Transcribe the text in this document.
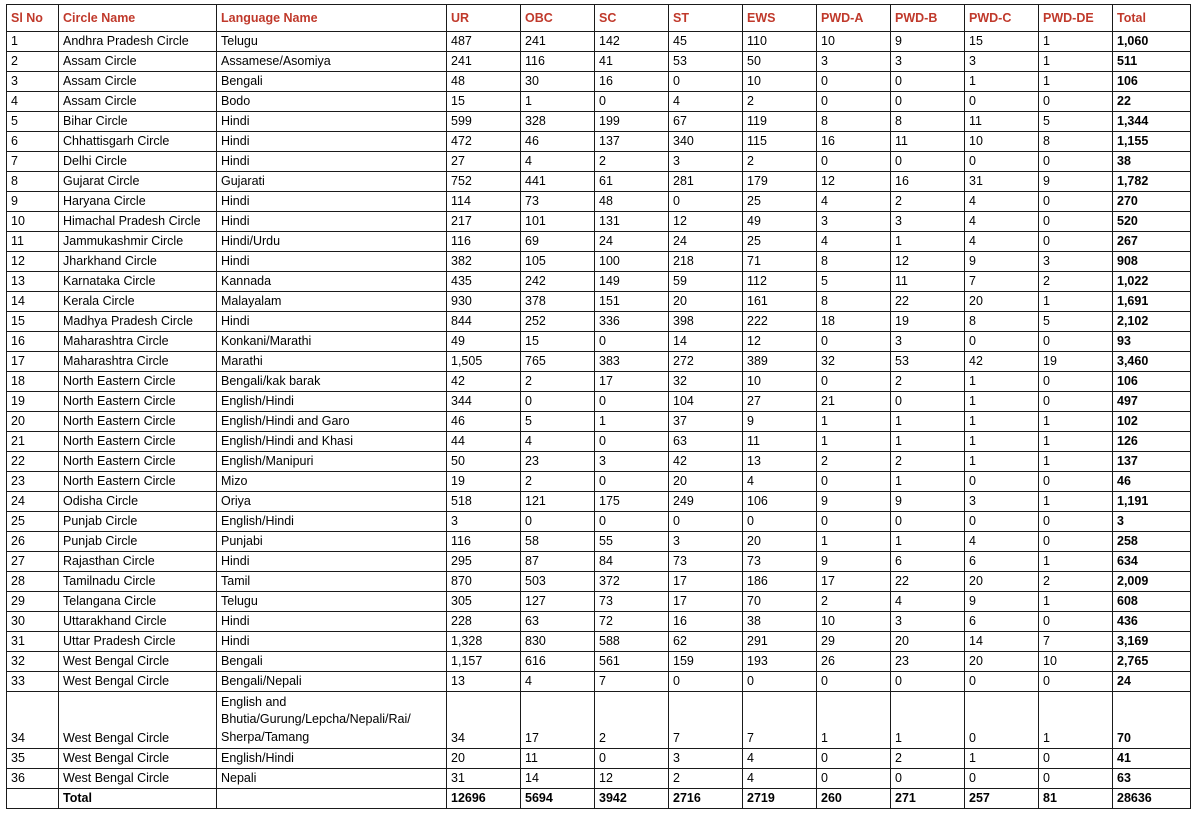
Sl No	Circle Name	Language Name	UR	OBC	SC	ST	EWS	PWD-A	PWD-B	PWD-C	PWD-DE	Total
1	Andhra Pradesh Circle	Telugu	487	241	142	45	110	10	9	15	1	1,060
2	Assam Circle	Assamese/Asomiya	241	116	41	53	50	3	3	3	1	511
3	Assam Circle	Bengali	48	30	16	0	10	0	0	1	1	106
4	Assam Circle	Bodo	15	1	0	4	2	0	0	0	0	22
5	Bihar Circle	Hindi	599	328	199	67	119	8	8	11	5	1,344
6	Chhattisgarh Circle	Hindi	472	46	137	340	115	16	11	10	8	1,155
7	Delhi Circle	Hindi	27	4	2	3	2	0	0	0	0	38
8	Gujarat Circle	Gujarati	752	441	61	281	179	12	16	31	9	1,782
9	Haryana Circle	Hindi	114	73	48	0	25	4	2	4	0	270
10	Himachal Pradesh Circle	Hindi	217	101	131	12	49	3	3	4	0	520
11	Jammukashmir Circle	Hindi/Urdu	116	69	24	24	25	4	1	4	0	267
12	Jharkhand Circle	Hindi	382	105	100	218	71	8	12	9	3	908
13	Karnataka Circle	Kannada	435	242	149	59	112	5	11	7	2	1,022
14	Kerala Circle	Malayalam	930	378	151	20	161	8	22	20	1	1,691
15	Madhya Pradesh Circle	Hindi	844	252	336	398	222	18	19	8	5	2,102
16	Maharashtra Circle	Konkani/Marathi	49	15	0	14	12	0	3	0	0	93
17	Maharashtra Circle	Marathi	1,505	765	383	272	389	32	53	42	19	3,460
18	North Eastern Circle	Bengali/kak barak	42	2	17	32	10	0	2	1	0	106
19	North Eastern Circle	English/Hindi	344	0	0	104	27	21	0	1	0	497
20	North Eastern Circle	English/Hindi and Garo	46	5	1	37	9	1	1	1	1	102
21	North Eastern Circle	English/Hindi and Khasi	44	4	0	63	11	1	1	1	1	126
22	North Eastern Circle	English/Manipuri	50	23	3	42	13	2	2	1	1	137
23	North Eastern Circle	Mizo	19	2	0	20	4	0	1	0	0	46
24	Odisha Circle	Oriya	518	121	175	249	106	9	9	3	1	1,191
25	Punjab Circle	English/Hindi	3	0	0	0	0	0	0	0	0	3
26	Punjab Circle	Punjabi	116	58	55	3	20	1	1	4	0	258
27	Rajasthan Circle	Hindi	295	87	84	73	73	9	6	6	1	634
28	Tamilnadu Circle	Tamil	870	503	372	17	186	17	22	20	2	2,009
29	Telangana Circle	Telugu	305	127	73	17	70	2	4	9	1	608
30	Uttarakhand Circle	Hindi	228	63	72	16	38	10	3	6	0	436
31	Uttar Pradesh Circle	Hindi	1,328	830	588	62	291	29	20	14	7	3,169
32	West Bengal Circle	Bengali	1,157	616	561	159	193	26	23	20	10	2,765
33	West Bengal Circle	Bengali/Nepali	13	4	7	0	0	0	0	0	0	24
34	West Bengal Circle	English and Bhutia/Gurung/Lepcha/Nepali/Rai/ Sherpa/Tamang	34	17	2	7	7	1	1	0	1	70
35	West Bengal Circle	English/Hindi	20	11	0	3	4	0	2	1	0	41
36	West Bengal Circle	Nepali	31	14	12	2	4	0	0	0	0	63
	Total		12696	5694	3942	2716	2719	260	271	257	81	28636
